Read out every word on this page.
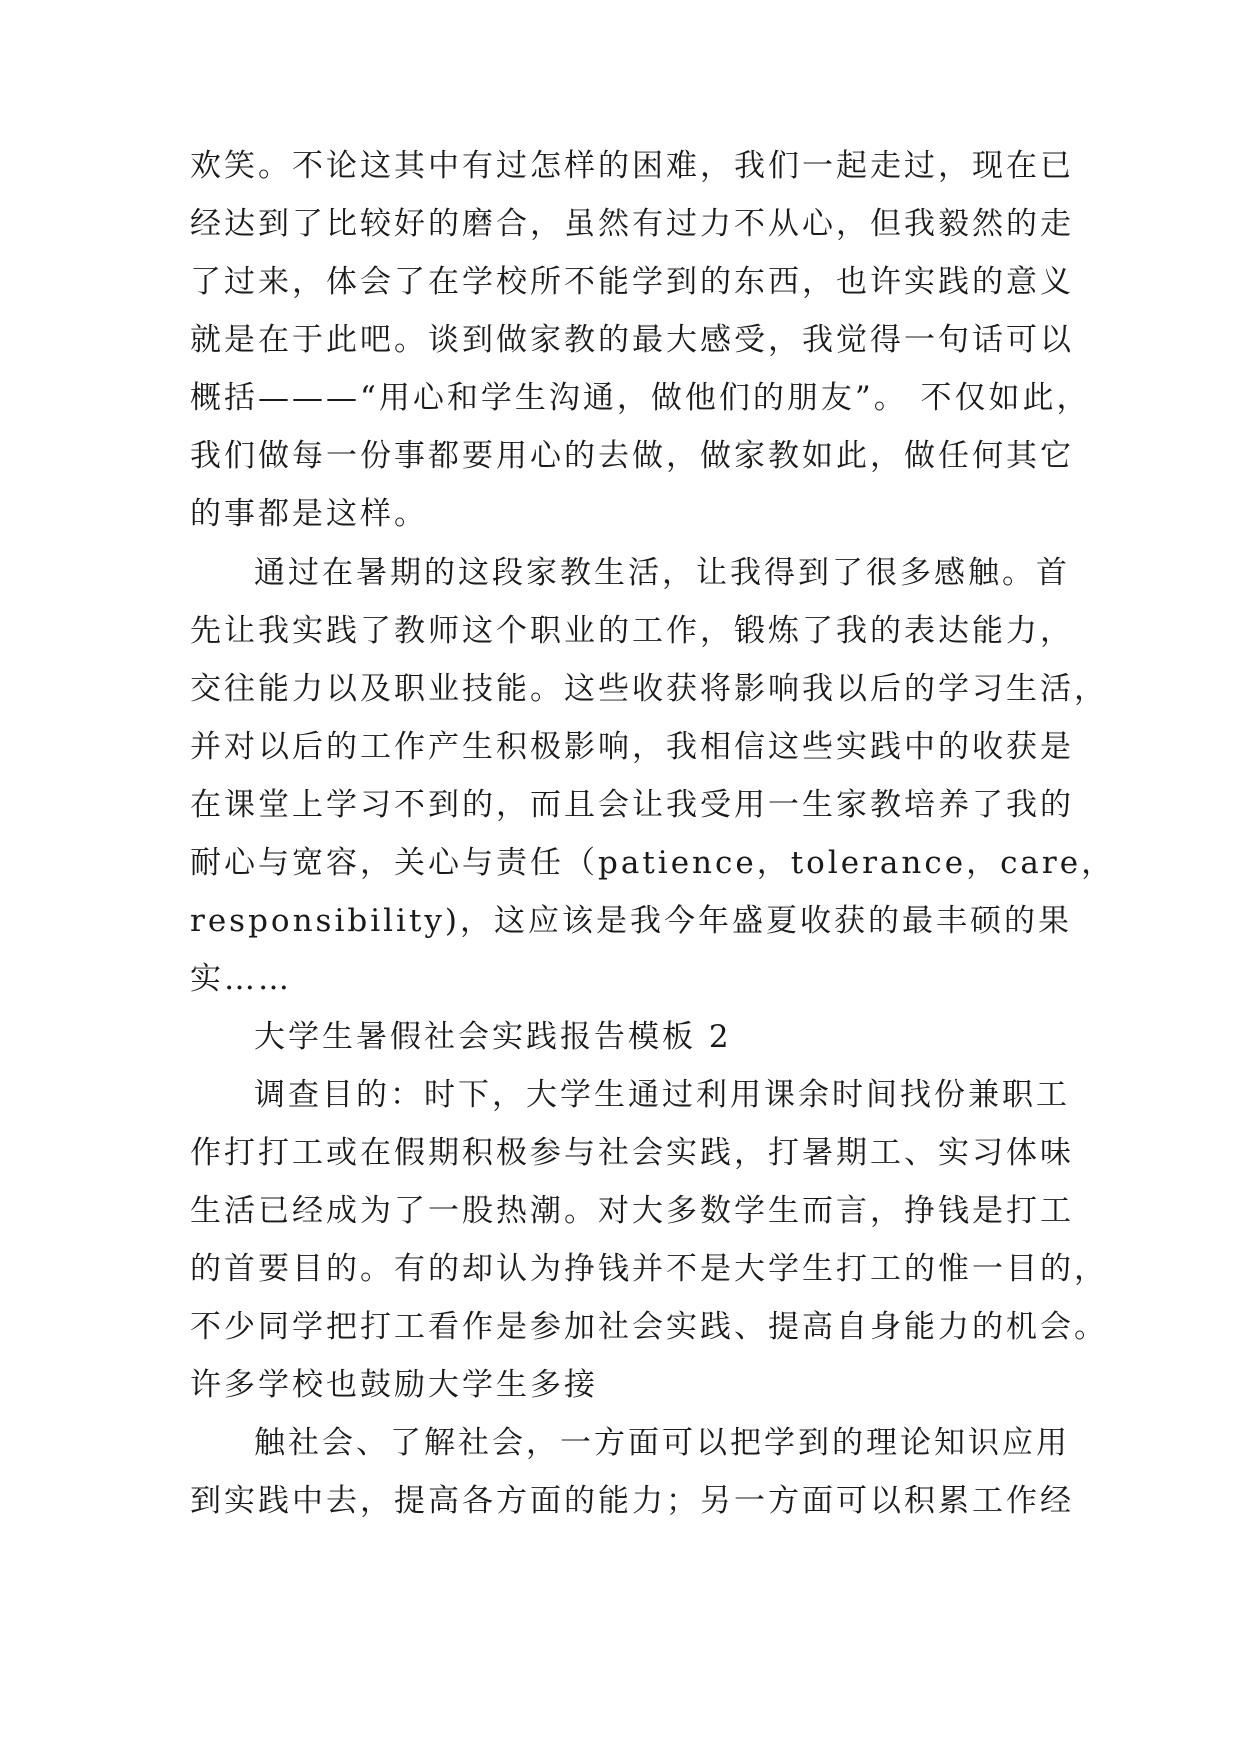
欢笑。不论这其中有过怎样的困难，我们一起走过，现在已
经达到了比较好的磨合，虽然有过力不从心，但我毅然的走
了过来，体会了在学校所不能学到的东西，也许实践的意义
就是在于此吧。谈到做家教的最大感受，我觉得一句话可以
概括———“用心和学生沟通，做他们的朋友”。 不仅如此，
我们做每一份事都要用心的去做，做家教如此，做任何其它
的事都是这样。
通过在暑期的这段家教生活，让我得到了很多感触。首
先让我实践了教师这个职业的工作，锻炼了我的表达能力，
交往能力以及职业技能。这些收获将影响我以后的学习生活，
并对以后的工作产生积极影响，我相信这些实践中的收获是
在课堂上学习不到的，而且会让我受用一生家教培养了我的
耐心与宽容，关心与责任（patience，tolerance，care，
responsibility)，这应该是我今年盛夏收获的最丰硕的果
实……
大学生暑假社会实践报告模板 2
调查目的：时下，大学生通过利用课余时间找份兼职工
作打打工或在假期积极参与社会实践，打暑期工、实习体味
生活已经成为了一股热潮。对大多数学生而言，挣钱是打工
的首要目的。有的却认为挣钱并不是大学生打工的惟一目的，
不少同学把打工看作是参加社会实践、提高自身能力的机会。
许多学校也鼓励大学生多接
触社会、了解社会，一方面可以把学到的理论知识应用
到实践中去，提高各方面的能力；另一方面可以积累工作经
